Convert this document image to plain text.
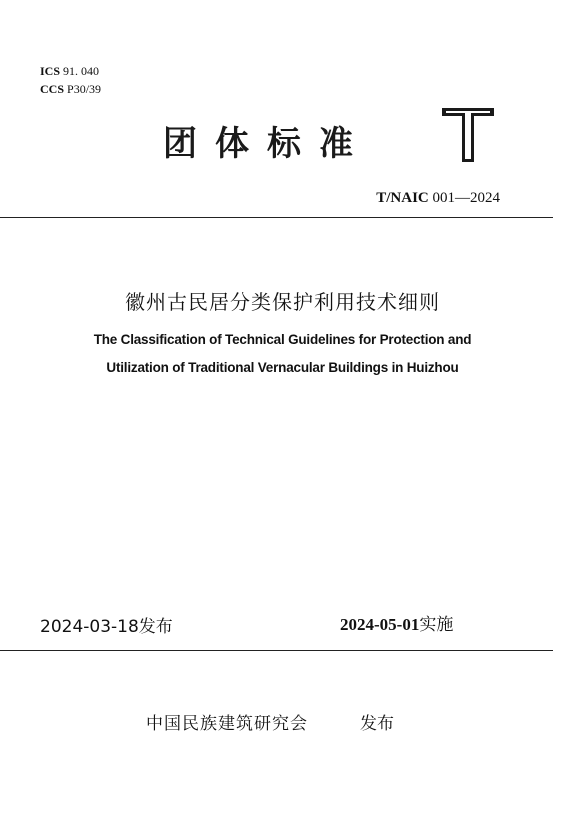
ICS 91. 040
CCS P30/39
团体标准
T/NAIC 001—2024
徽州古民居分类保护利用技术细则
The Classification of Technical Guidelines for Protection and
Utilization of Traditional Vernacular Buildings in Huizhou
2024-03-18发布	2024-05-01实施
中国民族建筑研究会	发布
